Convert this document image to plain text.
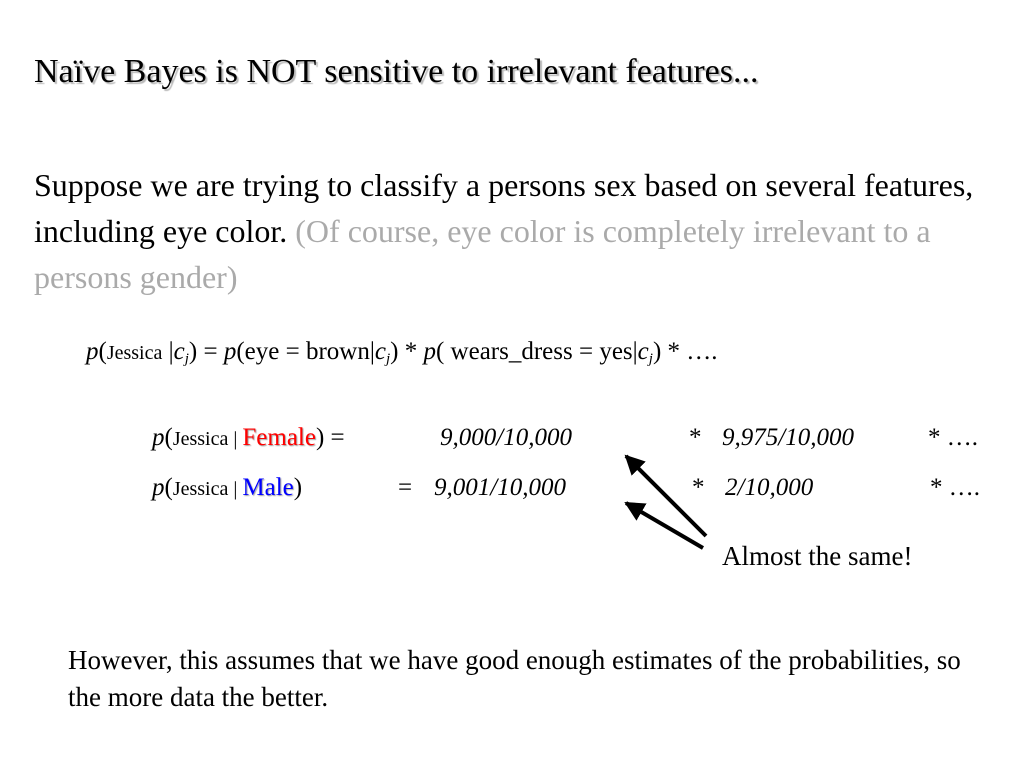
Naïve Bayes is NOT sensitive to irrelevant features...
Suppose we are trying to classify a persons sex based on several features, including eye color. (Of course, eye color is completely irrelevant to a persons gender)
p(Jessica $|c_j) = p(eye$ = $brown|c_j) * p$( wears_dress = $yes|c_j$) * ….
p(Jessica | Female) =	9,000/10,000	* 9,975/10,000	* ….
p(Jessica | Male)	= 9,001/10,000	* 2/10,000	* ….
Almost the same!
However, this assumes that we have good enough estimates of the probabilities, so the more data the better.
